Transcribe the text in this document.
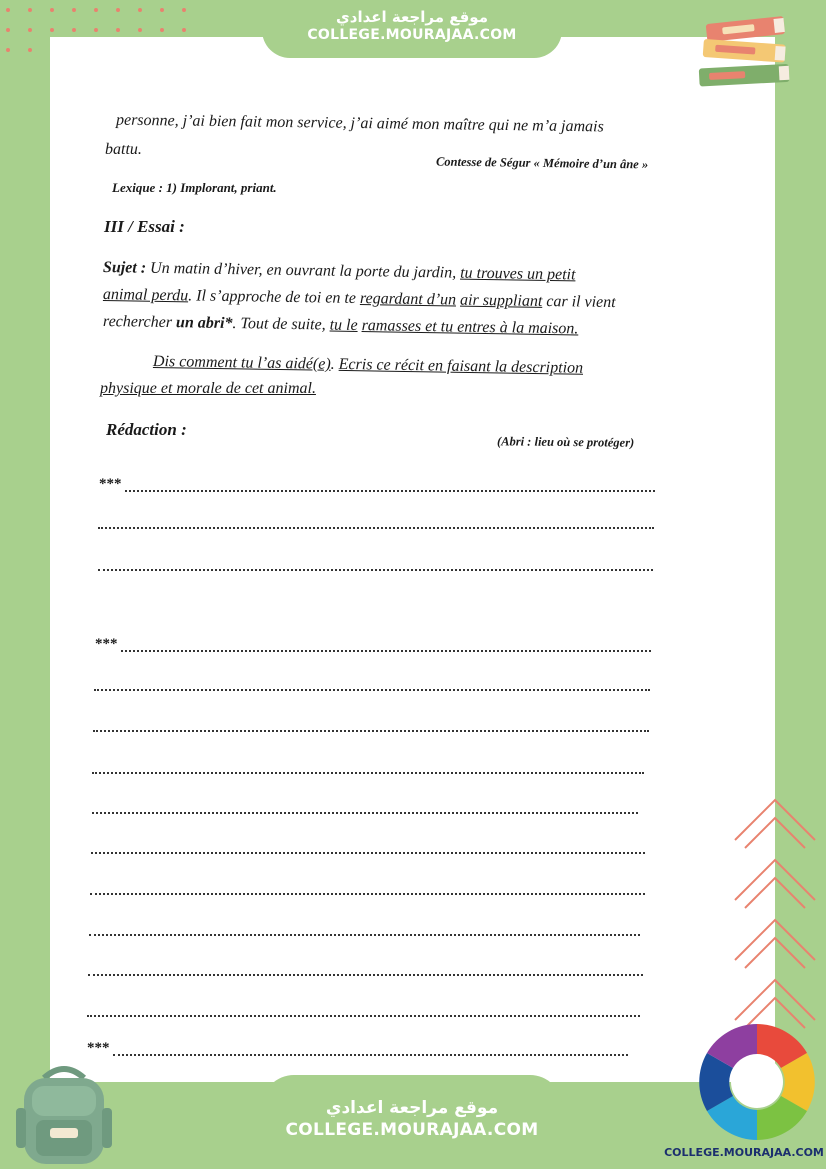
موقع مراجعة اعدادي
COLLEGE.MOURAJAA.COM
personne, j’ai bien fait mon service, j’ai aimé mon maître qui ne m’a jamais
battu.
Contesse de Ségur « Mémoire d’un âne »
Lexique : 1) Implorant, priant.
III / Essai :
Sujet : Un matin d’hiver, en ouvrant la porte du jardin, tu trouves un petit
animal perdu. Il s’approche de toi en te regardant d’un air suppliant car il vient
rechercher un abri*. Tout de suite, tu le ramasses et tu entres à la maison.
Dis comment tu l’as aidé(e). Ecris ce récit en faisant la description
physique et morale de cet animal.
Rédaction :
(Abri : lieu où se protéger)
***
***
***
موقع مراجعة اعدادي
COLLEGE.MOURAJAA.COM
COLLEGE.MOURAJAA.COM
